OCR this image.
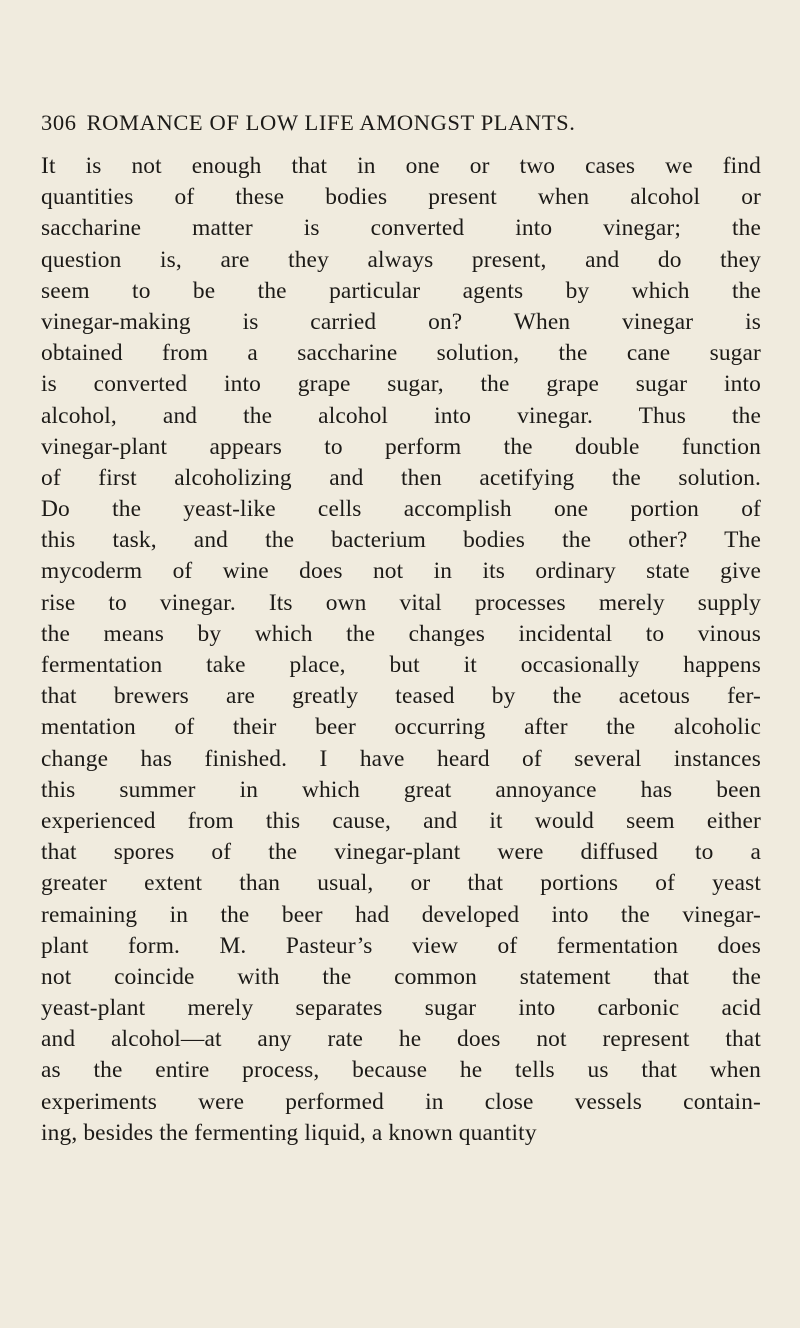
306 ROMANCE OF LOW LIFE AMONGST PLANTS.
It is not enough that in one or two cases we find
quantities of these bodies present when alcohol or
saccharine matter is converted into vinegar; the
question is, are they always present, and do they
seem to be the particular agents by which the
vinegar-making is carried on? When vinegar is
obtained from a saccharine solution, the cane sugar
is converted into grape sugar, the grape sugar into
alcohol, and the alcohol into vinegar. Thus the
vinegar-plant appears to perform the double function
of first alcoholizing and then acetifying the solution.
Do the yeast-like cells accomplish one portion of
this task, and the bacterium bodies the other? The
mycoderm of wine does not in its ordinary state give
rise to vinegar. Its own vital processes merely supply
the means by which the changes incidental to vinous
fermentation take place, but it occasionally happens
that brewers are greatly teased by the acetous fer-
mentation of their beer occurring after the alcoholic
change has finished. I have heard of several instances
this summer in which great annoyance has been
experienced from this cause, and it would seem either
that spores of the vinegar-plant were diffused to a
greater extent than usual, or that portions of yeast
remaining in the beer had developed into the vinegar-
plant form. M. Pasteur’s view of fermentation does
not coincide with the common statement that the
yeast-plant merely separates sugar into carbonic acid
and alcohol—at any rate he does not represent that
as the entire process, because he tells us that when
experiments were performed in close vessels contain-
ing, besides the fermenting liquid, a known quantity
